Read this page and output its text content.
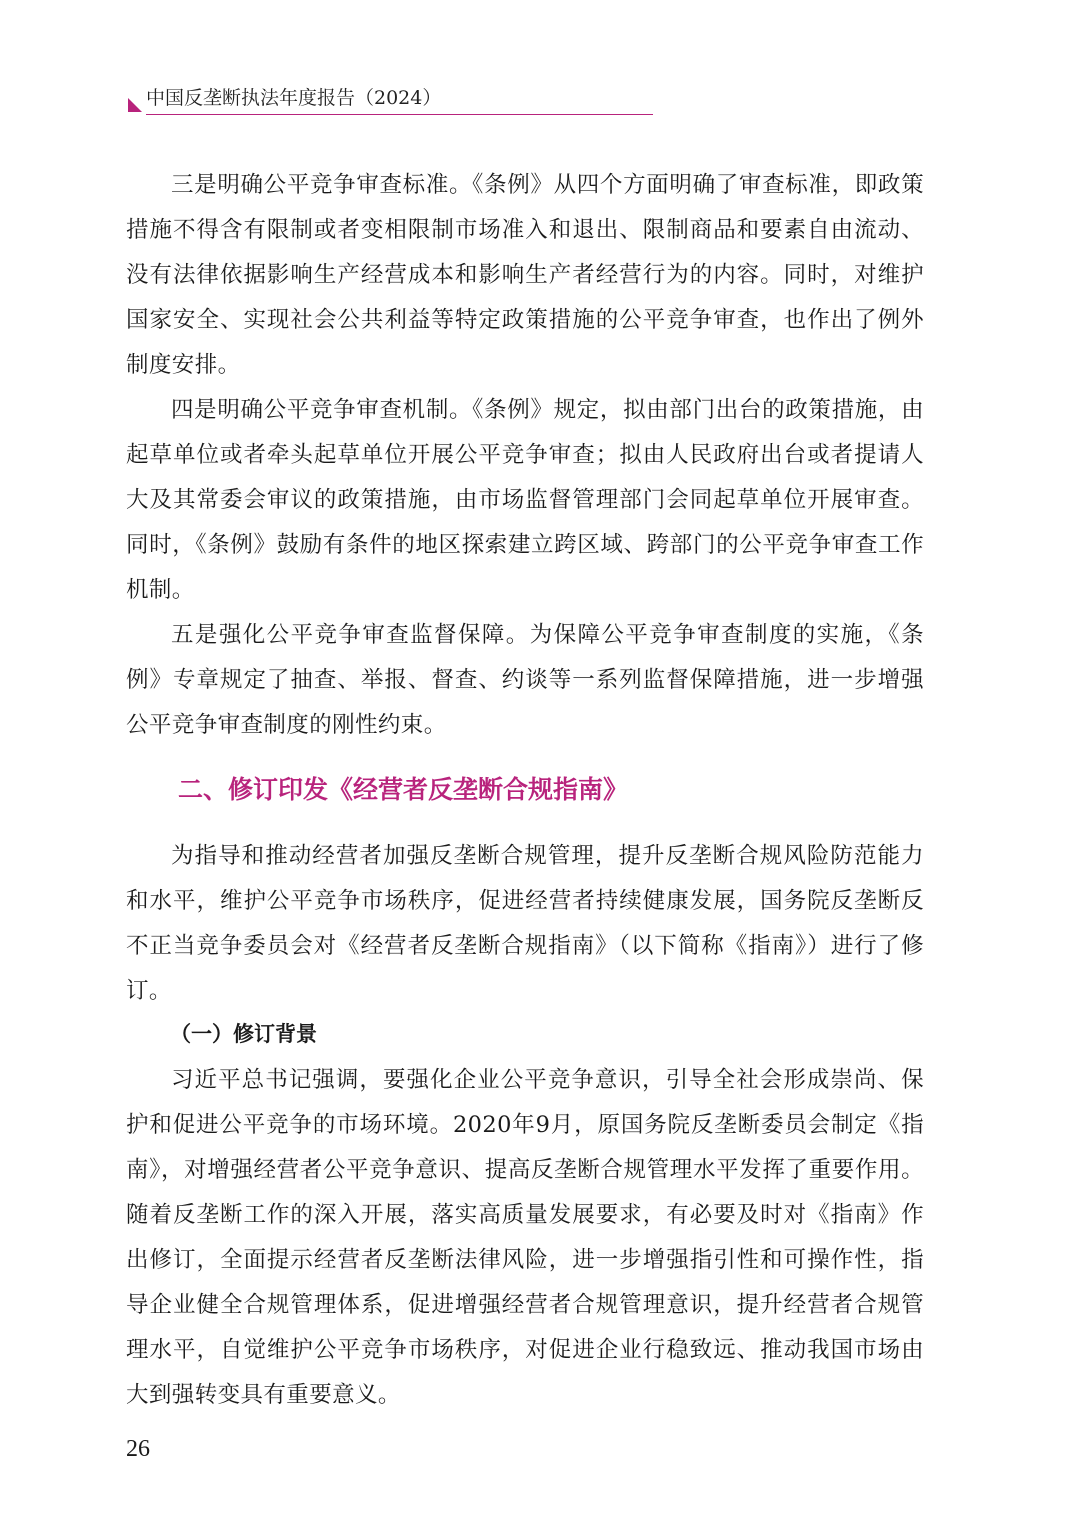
中国反垄断执法年度报告（2024）

三是明确公平竞争审查标准。《条例》从四个方面明确了审查标准，即政策措施不得含有限制或者变相限制市场准入和退出、限制商品和要素自由流动、没有法律依据影响生产经营成本和影响生产者经营行为的内容。同时，对维护国家安全、实现社会公共利益等特定政策措施的公平竞争审查，也作出了例外制度安排。

四是明确公平竞争审查机制。《条例》规定，拟由部门出台的政策措施，由起草单位或者牵头起草单位开展公平竞争审查；拟由人民政府出台或者提请人大及其常委会审议的政策措施，由市场监督管理部门会同起草单位开展审查。同时，《条例》鼓励有条件的地区探索建立跨区域、跨部门的公平竞争审查工作机制。

五是强化公平竞争审查监督保障。为保障公平竞争审查制度的实施，《条例》专章规定了抽查、举报、督查、约谈等一系列监督保障措施，进一步增强公平竞争审查制度的刚性约束。

二、修订印发《经营者反垄断合规指南》

为指导和推动经营者加强反垄断合规管理，提升反垄断合规风险防范能力和水平，维护公平竞争市场秩序，促进经营者持续健康发展，国务院反垄断反不正当竞争委员会对《经营者反垄断合规指南》（以下简称《指南》）进行了修订。

（一）修订背景

习近平总书记强调，要强化企业公平竞争意识，引导全社会形成崇尚、保护和促进公平竞争的市场环境。2020年9月，原国务院反垄断委员会制定《指南》，对增强经营者公平竞争意识、提高反垄断合规管理水平发挥了重要作用。随着反垄断工作的深入开展，落实高质量发展要求，有必要及时对《指南》作出修订，全面提示经营者反垄断法律风险，进一步增强指引性和可操作性，指导企业健全合规管理体系，促进增强经营者合规管理意识，提升经营者合规管理水平，自觉维护公平竞争市场秩序，对促进企业行稳致远、推动我国市场由大到强转变具有重要意义。

26
